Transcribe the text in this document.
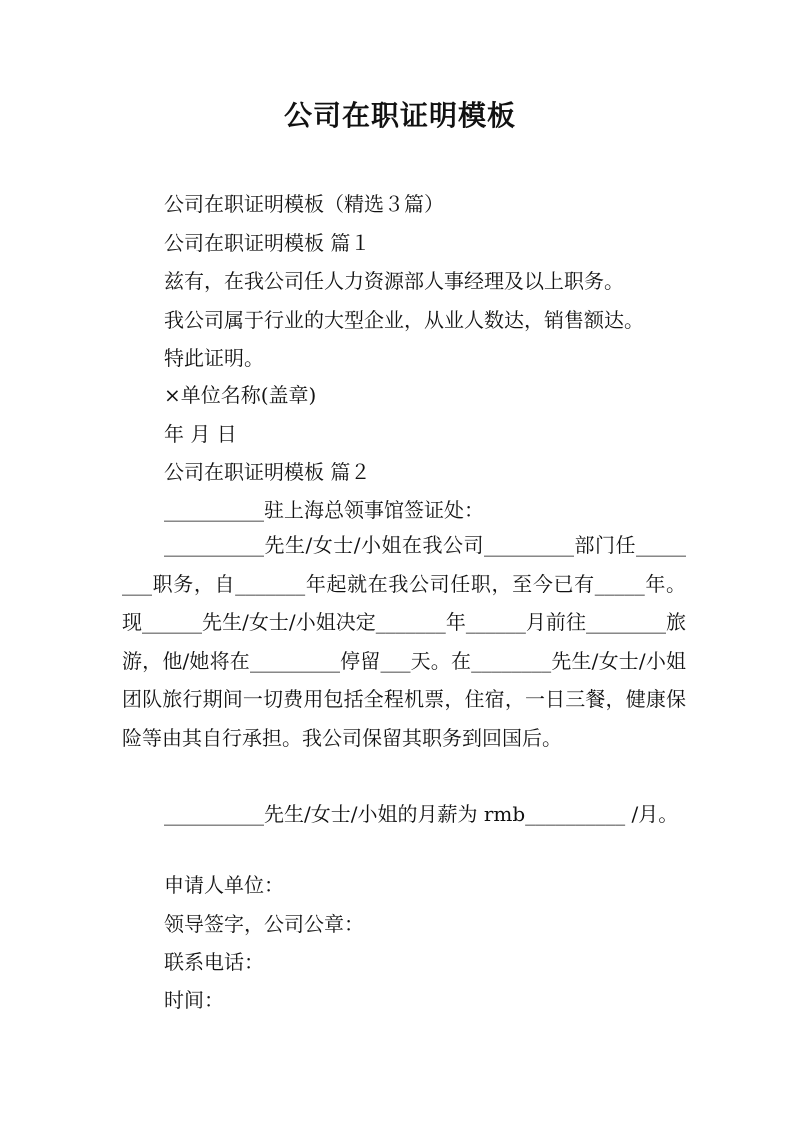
公司在职证明模板
公司在职证明模板（精选３篇）
公司在职证明模板 篇１
兹有，在我公司任人力资源部人事经理及以上职务。
我公司属于行业的大型企业，从业人数达，销售额达。
特此证明。
×单位名称(盖章)
年 月 日
公司在职证明模板 篇２
__________驻上海总领事馆签证处：

__________先生/女士/小姐在我公司_________部门任________职务，自_______年起就在我公司任职，至今已有_____年。现______先生/女士/小姐决定_______年______月前往________旅游，他/她将在_________停留___天。在________先生/女士/小姐团队旅行期间一切费用包括全程机票，住宿，一日三餐，健康保险等由其自行承担。我公司保留其职务到回国后。

__________先生/女士/小姐的月薪为 rmb__________ /月。

申请人单位：
领导签字，公司公章：
联系电话：
时间：
